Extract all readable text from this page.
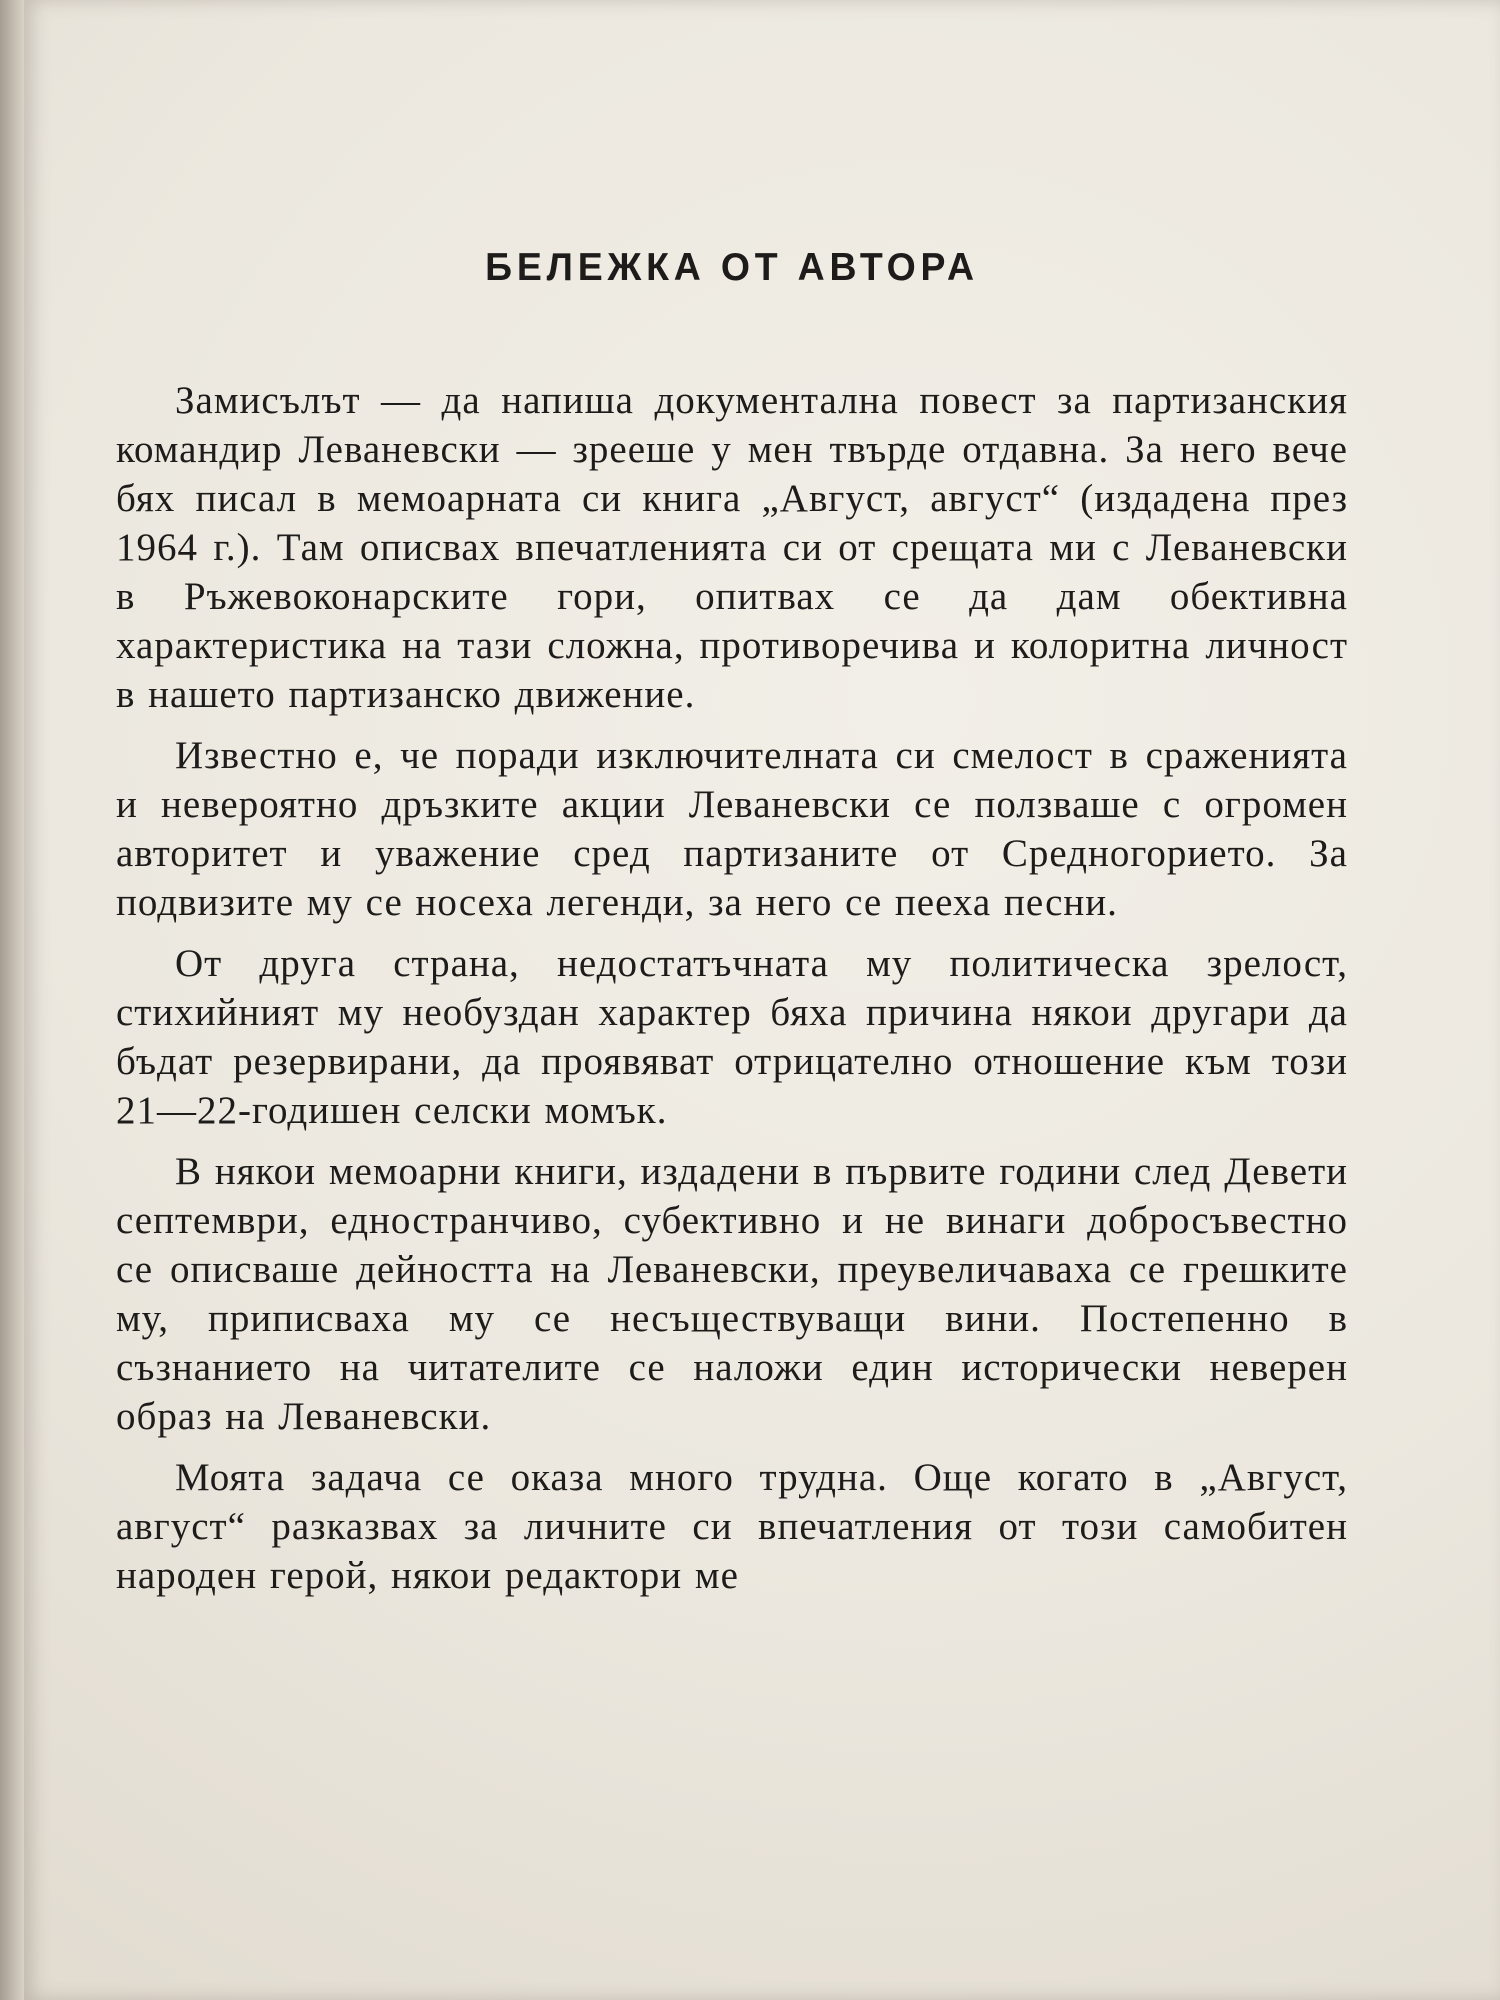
БЕЛЕЖКА ОТ АВТОРА

Замисълът — да напиша документална повест за партизанския командир Леваневски — зрееше у мен твърде отдавна. За него вече бях писал в мемоарната си книга „Август, август“ (издадена през 1964 г.). Там описвах впечатленията си от срещата ми с Леваневски в Ръжевоконарските гори, опитвах се да дам обективна характеристика на тази сложна, противоречива и колоритна личност в нашето партизанско движение.

Известно е, че поради изключителната си смелост в сраженията и невероятно дръзките акции Леваневски се ползваше с огромен авторитет и уважение сред партизаните от Средногорието. За подвизите му се носеха легенди, за него се пееха песни.

От друга страна, недостатъчната му политическа зрелост, стихийният му необуздан характер бяха причина някои другари да бъдат резервирани, да проявяват отрицателно отношение към този 21—22-годишен селски момък.

В някои мемоарни книги, издадени в първите години след Девети септември, едностранчиво, субективно и не винаги добросъвестно се описваше дейността на Леваневски, преувеличаваха се грешките му, приписваха му се несъществуващи вини. Постепенно в съзнанието на читателите се наложи един исторически неверен образ на Леваневски.

Моята задача се оказа много трудна. Още когато в „Август, август“ разказвах за личните си впечатления от този самобитен народен герой, някои редактори ме
